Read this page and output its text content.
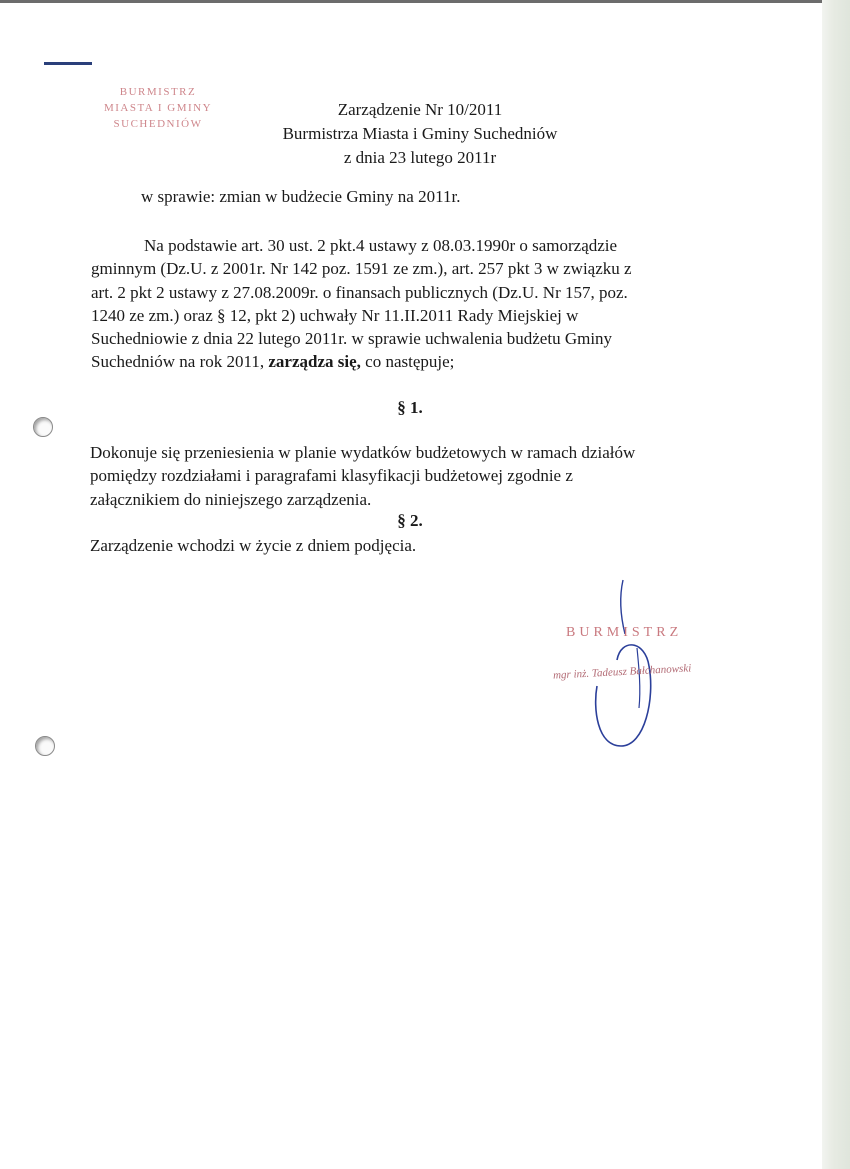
BURMISTRZ
MIASTA I GMINY
SUCHEDNIÓW
Zarządzenie Nr 10/2011
Burmistrza Miasta i Gminy Suchedniów
z dnia 23 lutego 2011r
w sprawie: zmian w budżecie Gminy na 2011r.
Na podstawie art. 30 ust. 2 pkt.4 ustawy z 08.03.1990r o samorządzie
gminnym (Dz.U. z 2001r. Nr 142 poz. 1591 ze zm.), art. 257 pkt 3 w związku z
art. 2 pkt 2 ustawy z 27.08.2009r. o finansach publicznych (Dz.U. Nr 157, poz.
1240 ze zm.) oraz § 12, pkt 2) uchwały Nr 11.II.2011 Rady Miejskiej w
Suchedniowie z dnia 22 lutego 2011r. w sprawie uchwalenia budżetu Gminy
Suchedniów na rok 2011, zarządza się, co następuje;
§ 1.
Dokonuje się przeniesienia w planie wydatków budżetowych w ramach działów
pomiędzy rozdziałami i paragrafami klasyfikacji budżetowej zgodnie z
załącznikiem do niniejszego zarządzenia.
§ 2.
Zarządzenie wchodzi w życie z dniem podjęcia.
BURMISTRZ
mgr inż. Tadeusz Bałchanowski
